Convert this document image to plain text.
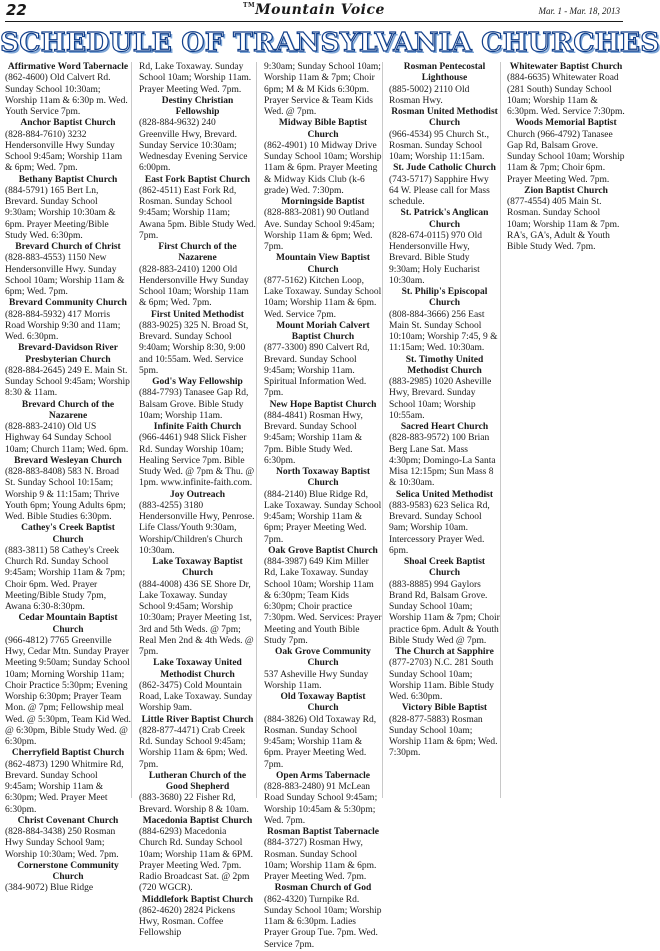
22	™Mountain Voice	Mar. 1 - Mar. 18, 2013
SCHEDULE OF TRANSYLVANIA CHURCHES
Affirmative Word Tabernacle
(862-4600) Old Calvert Rd. Sunday School 10:30am; Worship 11am & 6:30p m. Wed. Youth Service 7pm.
Anchor Baptist Church
(828-884-7610) 3232 Hendersonville Hwy Sunday School 9:45am; Worship 11am & 6pm; Wed. 7pm.
Bethany Baptist Church
(884-5791) 165 Bert Ln, Brevard. Sunday School 9:30am; Worship 10:30am & 6pm. Prayer Meeting/Bible Study Wed. 6:30pm.
Brevard Church of Christ
(828-883-4553) 1150 New Hendersonville Hwy. Sunday School 10am; Worship 11am & 6pm; Wed. 7pm.
Brevard Community Church
(828-884-5932) 417 Morris Road Worship 9:30 and 11am; Wed. 6:30pm.
Brevard-Davidson River Presbyterian Church
(828-884-2645) 249 E. Main St. Sunday School 9:45am; Worship 8:30 & 11am.
Brevard Church of the Nazarene
(828-883-2410) Old US Highway 64 Sunday School 10am; Church 11am; Wed. 6pm.
Brevard Wesleyan Church
(828-883-8408) 583 N. Broad St. Sunday School 10:15am; Worship 9 & 11:15am; Thrive Youth 6pm; Young Adults 6pm; Wed. Bible Studies 6:30pm.
Cathey's Creek Baptist Church
(883-3811) 58 Cathey's Creek Church Rd. Sunday School 9:45am; Worship 11am & 7pm; Choir 6pm. Wed. Prayer Meeting/Bible Study 7pm, Awana 6:30-8:30pm.
Cedar Mountain Baptist Church
(966-4812) 7765 Greenville Hwy, Cedar Mtn. Sunday Prayer Meeting 9:50am; Sunday School 10am; Morning Worship 11am; Choir Practice 5:30pm; Evening Worship 6:30pm; Prayer Team Mon. @ 7pm; Fellowship meal Wed. @ 5:30pm, Team Kid Wed. @ 6:30pm, Bible Study Wed. @ 6:30pm.
Cherryfield Baptist Church
(862-4873) 1290 Whitmire Rd, Brevard. Sunday School 9:45am; Worship 11am & 6:30pm; Wed. Prayer Meet 6:30pm.
Christ Covenant Church
(828-884-3438) 250 Rosman Hwy Sunday School 9am; Worship 10:30am; Wed. 7pm.
Cornerstone Community Church
(384-9072) Blue Ridge
Rd, Lake Toxaway. Sunday School 10am; Worship 11am. Prayer Meeting Wed. 7pm.
Destiny Christian Fellowship
(828-884-9632) 240 Greenville Hwy, Brevard. Sunday Service 10:30am; Wednesday Evening Service 6:00pm.
East Fork Baptist Church
(862-4511) East Fork Rd, Rosman. Sunday School 9:45am; Worship 11am; Awana 5pm. Bible Study Wed. 7pm.
First Church of the Nazarene
(828-883-2410) 1200 Old Hendersonville Hwy Sunday School 10am; Worship 11am & 6pm; Wed. 7pm.
First United Methodist
(883-9025) 325 N. Broad St, Brevard. Sunday School 9:40am; Worship 8:30, 9:00 and 10:55am. Wed. Service 5pm.
God's Way Fellowship
(884-7793) Tanasee Gap Rd, Balsam Grove. Bible Study 10am; Worship 11am.
Infinite Faith Church
(966-4461) 948 Slick Fisher Rd. Sunday Worship 10am; Healing Service 7pm. Bible Study Wed. @ 7pm & Thu. @ 1pm. www.infinite-faith.com.
Joy Outreach
(883-4255) 3180 Hendersonville Hwy, Penrose. Life Class/Youth 9:30am, Worship/Children's Church 10:30am.
Lake Toxaway Baptist Church
(884-4008) 436 SE Shore Dr, Lake Toxaway. Sunday School 9:45am; Worship 10:30am; Prayer Meeting 1st, 3rd and 5th Weds. @ 7pm; Real Men 2nd & 4th Weds. @ 7pm.
Lake Toxaway United Methodist Church
(862-3475) Cold Mountain Road, Lake Toxaway. Sunday Worship 9am.
Little River Baptist Church
(828-877-4471) Crab Creek Rd. Sunday School 9:45am; Worship 11am & 6pm; Wed. 7pm.
Lutheran Church of the Good Shepherd
(883-3680) 22 Fisher Rd, Brevard. Worship 8 & 10am.
Macedonia Baptist Church
(884-6293) Macedonia Church Rd. Sunday School 10am; Worship 11am & 6PM. Prayer Meeting Wed. 7pm. Radio Broadcast Sat. @ 2pm (720 WGCR).
Middlefork Baptist Church
(862-4620) 2824 Pickens Hwy, Rosman. Coffee Fellowship
9:30am; Sunday School 10am; Worship 11am & 7pm; Choir 6pm; M & M Kids 6:30pm. Prayer Service & Team Kids Wed. @ 7pm.
Midway Bible Baptist Church
(862-4901) 10 Midway Drive Sunday School 10am; Worship 11am & 6pm. Prayer Meeting & Midway Kids Club (k-6 grade) Wed. 7:30pm.
Morningside Baptist
(828-883-2081) 90 Outland Ave. Sunday School 9:45am; Worship 11am & 6pm; Wed. 7pm.
Mountain View Baptist Church
(877-5162) Kitchen Loop, Lake Toxaway. Sunday School 10am; Worship 11am & 6pm. Wed. Service 7pm.
Mount Moriah Calvert Baptist Church
(877-3300) 890 Calvert Rd, Brevard. Sunday School 9:45am; Worship 11am. Spiritual Information Wed. 7pm.
New Hope Baptist Church
(884-4841) Rosman Hwy, Brevard. Sunday School 9:45am; Worship 11am & 7pm. Bible Study Wed. 6:30pm.
North Toxaway Baptist Church
(884-2140) Blue Ridge Rd, Lake Toxaway. Sunday School 9:45am; Worship 11am & 6pm; Prayer Meeting Wed. 7pm.
Oak Grove Baptist Church
(884-3987) 649 Kim Miller Rd, Lake Toxaway. Sunday School 10am; Worship 11am & 6:30pm; Team Kids 6:30pm; Choir practice 7:30pm. Wed. Services: Prayer Meeting and Youth Bible Study 7pm.
Oak Grove Community Church
537 Asheville Hwy Sunday Worship 11am.
Old Toxaway Baptist Church
(884-3826) Old Toxaway Rd, Rosman. Sunday School 9:45am; Worship 11am & 6pm. Prayer Meeting Wed. 7pm.
Open Arms Tabernacle
(828-883-2480) 91 McLean Road Sunday School 9:45am; Worship 10:45am & 5:30pm; Wed. 7pm.
Rosman Baptist Tabernacle
(884-3727) Rosman Hwy, Rosman. Sunday School 10am; Worship 11am & 6pm. Prayer Meeting Wed. 7pm.
Rosman Church of God
(862-4320) Turnpike Rd. Sunday School 10am; Worship 11am & 6:30pm. Ladies Prayer Group Tue. 7pm. Wed. Service 7pm.
Rosman Pentecostal Lighthouse
(885-5002) 2110 Old Rosman Hwy.
Rosman United Methodist Church
(966-4534) 95 Church St., Rosman. Sunday School 10am; Worship 11:15am.
St. Jude Catholic Church
(743-5717) Sapphire Hwy 64 W. Please call for Mass schedule.
St. Patrick's Anglican Church
(828-674-0115) 970 Old Hendersonville Hwy, Brevard. Bible Study 9:30am; Holy Eucharist 10:30am.
St. Philip's Episcopal Church
(808-884-3666) 256 East Main St. Sunday School 10:10am; Worship 7:45, 9 & 11:15am; Wed. 10:30am.
St. Timothy United Methodist Church
(883-2985) 1020 Asheville Hwy, Brevard. Sunday School 10am; Worship 10:55am.
Sacred Heart Church
(828-883-9572) 100 Brian Berg Lane Sat. Mass 4:30pm; Domingo-La Santa Misa 12:15pm; Sun Mass 8 & 10:30am.
Selica United Methodist
(883-9583) 623 Selica Rd, Brevard. Sunday School 9am; Worship 10am. Intercessory Prayer Wed. 6pm.
Shoal Creek Baptist Church
(883-8885) 994 Gaylors Brand Rd, Balsam Grove. Sunday School 10am; Worship 11am & 7pm; Choir practice 6pm. Adult & Youth Bible Study Wed @ 7pm.
The Church at Sapphire
(877-2703) N.C. 281 South Sunday School 10am; Worship 11am. Bible Study Wed. 6:30pm.
Victory Bible Baptist
(828-877-5883) Rosman Sunday School 10am; Worship 11am & 6pm; Wed. 7:30pm.
Whitewater Baptist Church
(884-6635) Whitewater Road (281 South) Sunday School 10am; Worship 11am & 6:30pm. Wed. Service 7:30pm.
Woods Memorial Baptist
Church (966-4792) Tanasee Gap Rd, Balsam Grove. Sunday School 10am; Worship 11am & 7pm; Choir 6pm. Prayer Meeting Wed. 7pm.
Zion Baptist Church
(877-4554) 405 Main St. Rosman. Sunday School 10am; Worship 11am & 7pm. RA's, GA's, Adult & Youth Bible Study Wed. 7pm.
